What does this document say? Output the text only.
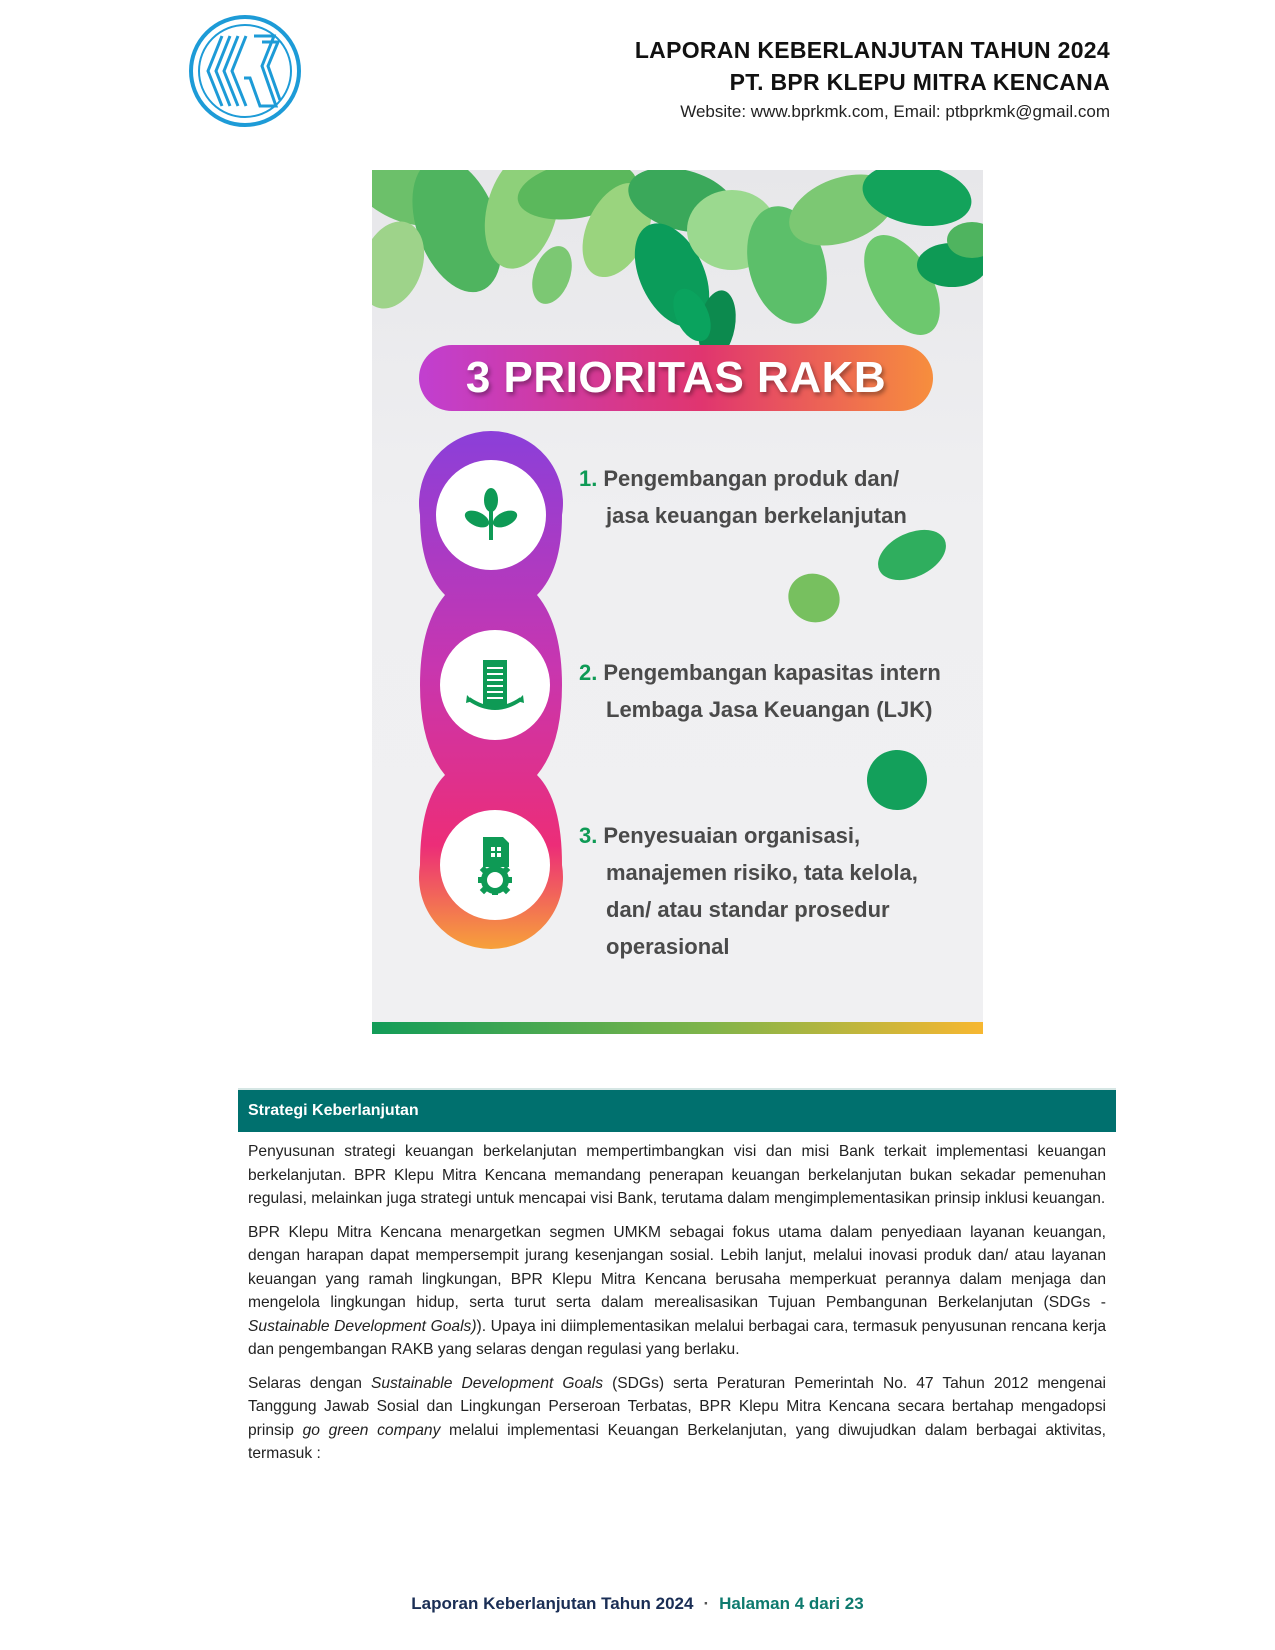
LAPORAN KEBERLANJUTAN TAHUN 2024
PT. BPR KLEPU MITRA KENCANA
Website: www.bprkmk.com, Email: ptbprkmk@gmail.com
3 PRIORITAS RAKB
1. Pengembangan produk dan/
jasa keuangan berkelanjutan
2. Pengembangan kapasitas intern
Lembaga Jasa Keuangan (LJK)
3. Penyesuaian organisasi,
manajemen risiko, tata kelola,
dan/ atau standar prosedur
operasional
Strategi Keberlanjutan

Penyusunan strategi keuangan berkelanjutan mempertimbangkan visi dan misi Bank terkait implementasi keuangan berkelanjutan. BPR Klepu Mitra Kencana memandang penerapan keuangan berkelanjutan bukan sekadar pemenuhan regulasi, melainkan juga strategi untuk mencapai visi Bank, terutama dalam mengimplementasikan prinsip inklusi keuangan.

BPR Klepu Mitra Kencana menargetkan segmen UMKM sebagai fokus utama dalam penyediaan layanan keuangan, dengan harapan dapat mempersempit jurang kesenjangan sosial. Lebih lanjut, melalui inovasi produk dan/ atau layanan keuangan yang ramah lingkungan, BPR Klepu Mitra Kencana berusaha memperkuat perannya dalam menjaga dan mengelola lingkungan hidup, serta turut serta dalam merealisasikan Tujuan Pembangunan Berkelanjutan (SDGs - Sustainable Development Goals)). Upaya ini diimplementasikan melalui berbagai cara, termasuk penyusunan rencana kerja dan pengembangan RAKB yang selaras dengan regulasi yang berlaku.

Selaras dengan Sustainable Development Goals (SDGs) serta Peraturan Pemerintah No. 47 Tahun 2012 mengenai Tanggung Jawab Sosial dan Lingkungan Perseroan Terbatas, BPR Klepu Mitra Kencana secara bertahap mengadopsi prinsip go green company melalui implementasi Keuangan Berkelanjutan, yang diwujudkan dalam berbagai aktivitas, termasuk :

Laporan Keberlanjutan Tahun 2024 · Halaman 4 dari 23
